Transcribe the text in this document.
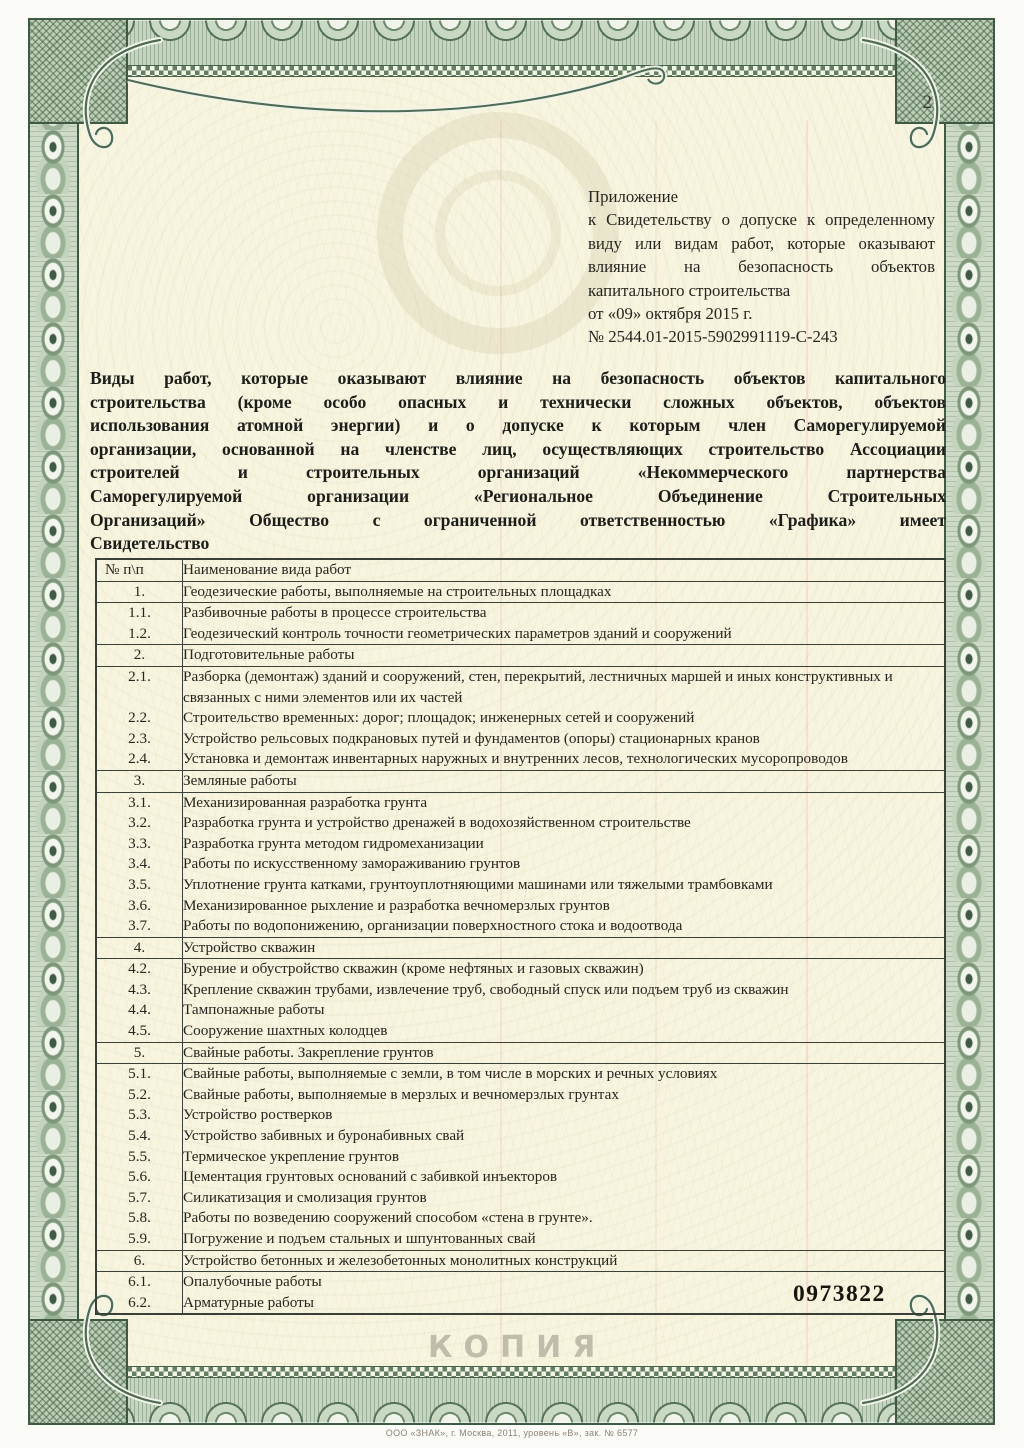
2
Приложение
к Свидетельству о допуске к определенному
виду или видам работ, которые оказывают
влияние на безопасность объектов
капитального строительства
от «09» октября 2015 г.
№ 2544.01-2015-5902991119-С-243
Виды работ, которые оказывают влияние на безопасность объектов капитального
строительства (кроме особо опасных и технически сложных объектов, объектов
использования атомной энергии) и о допуске к которым член Саморегулируемой
организации, основанной на членстве лиц, осуществляющих строительство Ассоциации
строителей и строительных организаций «Некоммерческого партнерства
Саморегулируемой организации «Региональное Объединение Строительных
Организаций» Общество с ограниченной ответственностью «Графика» имеет
Свидетельство
№ п\п	Наименование вида работ
1.	Геодезические работы, выполняемые на строительных площадках
1.1.	Разбивочные работы в процессе строительства
1.2.	Геодезический контроль точности геометрических параметров зданий и сооружений
2.	Подготовительные работы
2.1.	Разборка (демонтаж) зданий и сооружений, стен, перекрытий, лестничных маршей и иных конструктивных и связанных с ними элементов или их частей
2.2.	Строительство временных: дорог; площадок; инженерных сетей и сооружений
2.3.	Устройство рельсовых подкрановых путей и фундаментов (опоры) стационарных кранов
2.4.	Установка и демонтаж инвентарных наружных и внутренних лесов, технологических мусоропроводов
3.	Земляные работы
3.1.	Механизированная разработка грунта
3.2.	Разработка грунта и устройство дренажей в водохозяйственном строительстве
3.3.	Разработка грунта методом гидромеханизации
3.4.	Работы по искусственному замораживанию грунтов
3.5.	Уплотнение грунта катками, грунтоуплотняющими машинами или тяжелыми трамбовками
3.6.	Механизированное рыхление и разработка вечномерзлых грунтов
3.7.	Работы по водопонижению, организации поверхностного стока и водоотвода
4.	Устройство скважин
4.2.	Бурение и обустройство скважин (кроме нефтяных и газовых скважин)
4.3.	Крепление скважин трубами, извлечение труб, свободный спуск или подъем труб из скважин
4.4.	Тампонажные работы
4.5.	Сооружение шахтных колодцев
5.	Свайные работы. Закрепление грунтов
5.1.	Свайные работы, выполняемые с земли, в том числе в морских и речных условиях
5.2.	Свайные работы, выполняемые в мерзлых и вечномерзлых грунтах
5.3.	Устройство ростверков
5.4.	Устройство забивных и буронабивных свай
5.5.	Термическое укрепление грунтов
5.6.	Цементация грунтовых оснований с забивкой инъекторов
5.7.	Силикатизация и смолизация грунтов
5.8.	Работы по возведению сооружений способом «стена в грунте».
5.9.	Погружение и подъем стальных и шпунтованных свай
6.	Устройство бетонных и железобетонных монолитных конструкций
6.1.	Опалубочные работы
6.2.	Арматурные работы	0973822
КОПИЯ
ООО «ЗНАК», г. Москва, 2011, уровень «В», зак. № 6577
